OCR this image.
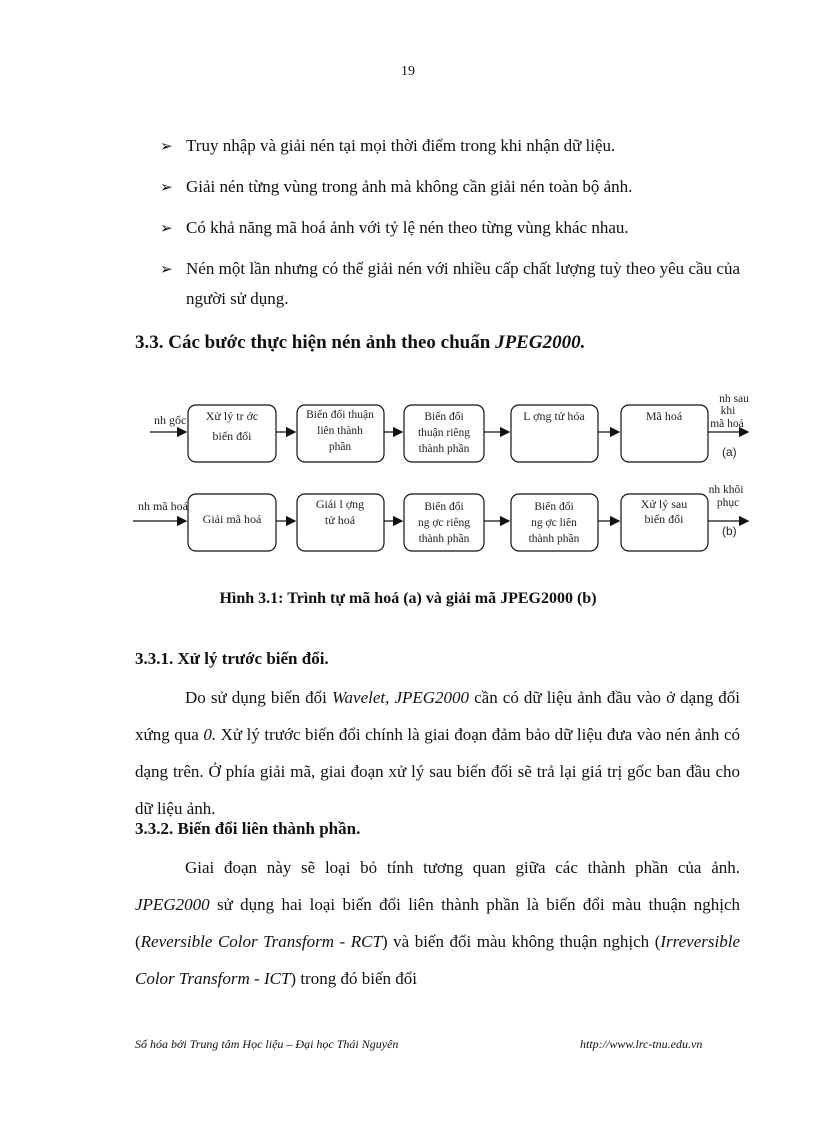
19
➢ Truy nhập và giải nén tại mọi thời điểm trong khi nhận dữ liệu.
➢ Giải nén từng vùng trong ảnh mà không cần giải nén toàn bộ ảnh.
➢ Có khả năng mã hoá ảnh với tỷ lệ nén theo từng vùng khác nhau.
➢ Nén một lần nhưng có thể giải nén với nhiều cấp chất lượng tuỳ theo yêu cầu của người sử dụng.
3.3. Các bước thực hiện nén ảnh theo chuẩn JPEG2000.
nh gốc Xử lý tr ớc
biến đổi
Biến đổi thuận
liên thành
phần
Biến đổi
thuận riêng
thành phần
L ợng tử hóa	Mã hoá
nh sau
khi
mã hoá
(a)
nh mã hoá
Giải mã hoá
Giải l ợng
tử hoá
Biến đổi
ng ợc riêng
thành phần
Biến đổi
ng ợc liên
thành phần
Xử lý sau
biến đổi
nh khôi
phục
(b)
Hình 3.1: Trình tự mã hoá (a) và giải mã JPEG2000 (b)
3.3.1. Xử lý trước biến đổi.
Do sử dụng biến đổi Wavelet, JPEG2000 cần có dữ liệu ảnh đầu vào ở dạng đối xứng qua 0. Xử lý trước biến đổi chính là giai đoạn đảm bảo dữ liệu đưa vào nén ảnh có dạng trên. Ở phía giải mã, giai đoạn xử lý sau biến đổi sẽ trả lại giá trị gốc ban đầu cho dữ liệu ảnh.
3.3.2. Biến đổi liên thành phần.
Giai đoạn này sẽ loại bỏ tính tương quan giữa các thành phần của ảnh. JPEG2000 sử dụng hai loại biến đổi liên thành phần là biến đổi màu thuận nghịch (Reversible Color Transform - RCT) và biến đổi màu không thuận nghịch (Irreversible Color Transform - ICT) trong đó biến đổi
Số hóa bởi Trung tâm Học liệu – Đại học Thái Nguyên	http://www.lrc-tnu.edu.vn
